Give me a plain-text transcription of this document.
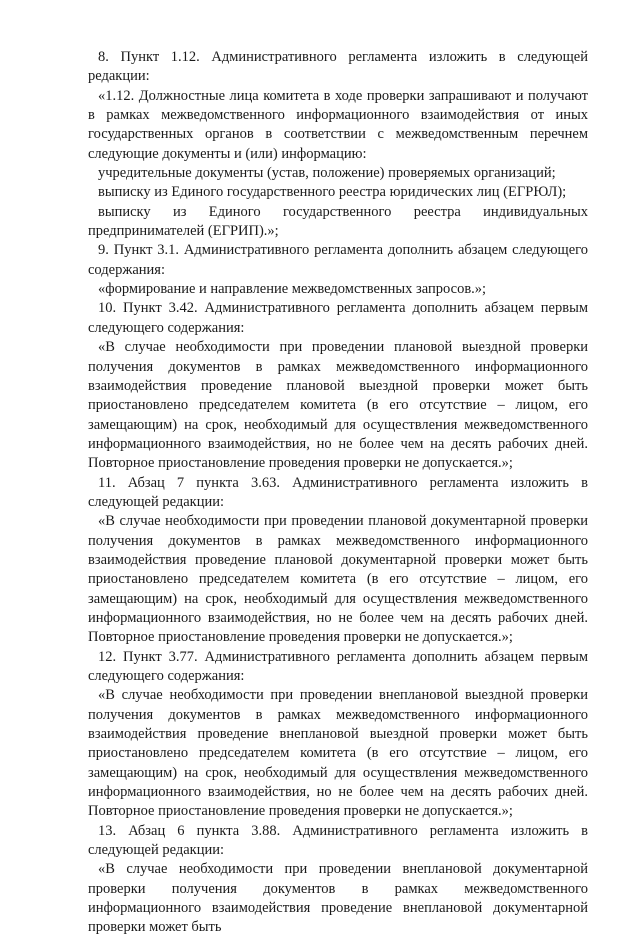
8. Пункт 1.12. Административного регламента изложить в следующей редакции:

«1.12. Должностные лица комитета в ходе проверки запрашивают и получают в рамках межведомственного информационного взаимодействия от иных государственных органов в соответствии с межведомственным перечнем следующие документы и (или) информацию:

учредительные документы (устав, положение) проверяемых организаций;

выписку из Единого государственного реестра юридических лиц (ЕГРЮЛ);

выписку из Единого государственного реестра индивидуальных предпринимателей (ЕГРИП).»;

9. Пункт 3.1. Административного регламента дополнить абзацем следующего содержания:

«формирование и направление межведомственных запросов.»;

10. Пункт 3.42. Административного регламента дополнить абзацем первым следующего содержания:

«В случае необходимости при проведении плановой выездной проверки получения документов в рамках межведомственного информационного взаимодействия проведение плановой выездной проверки может быть приостановлено председателем комитета (в его отсутствие – лицом, его замещающим) на срок, необходимый для осуществления межведомственного информационного взаимодействия, но не более чем на десять рабочих дней. Повторное приостановление проведения проверки не допускается.»;

11. Абзац 7 пункта 3.63. Административного регламента изложить в следующей редакции:

«В случае необходимости при проведении плановой документарной проверки получения документов в рамках межведомственного информационного взаимодействия проведение плановой документарной проверки может быть приостановлено председателем комитета (в его отсутствие – лицом, его замещающим) на срок, необходимый для осуществления межведомственного информационного взаимодействия, но не более чем на десять рабочих дней. Повторное приостановление проведения проверки не допускается.»;

12. Пункт 3.77. Административного регламента дополнить абзацем первым следующего содержания:

«В случае необходимости при проведении внеплановой выездной проверки получения документов в рамках межведомственного информационного взаимодействия проведение внеплановой выездной проверки может быть приостановлено председателем комитета (в его отсутствие – лицом, его замещающим) на срок, необходимый для осуществления межведомственного информационного взаимодействия, но не более чем на десять рабочих дней. Повторное приостановление проведения проверки не допускается.»;

13. Абзац 6 пункта 3.88. Административного регламента изложить в следующей редакции:

«В случае необходимости при проведении внеплановой документарной проверки получения документов в рамках межведомственного информационного взаимодействия проведение внеплановой документарной проверки может быть
